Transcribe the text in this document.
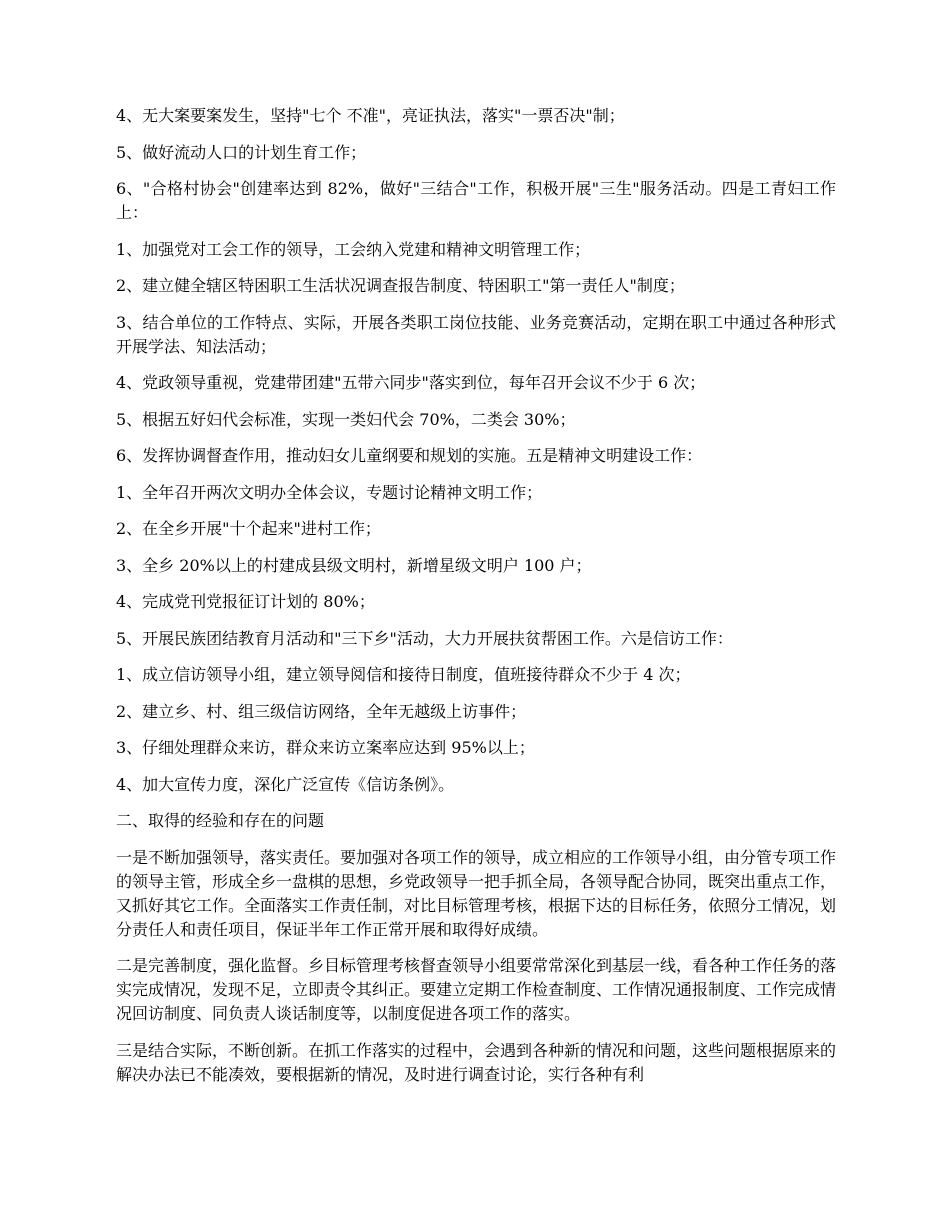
4、无大案要案发生，坚持"七个 不准"，亮证执法，落实"一票否决"制；

5、做好流动人口的计划生育工作；

6、"合格村协会"创建率达到 82%，做好"三结合"工作，积极开展"三生"服务活动。四是工青妇工作上：

1、加强党对工会工作的领导，工会纳入党建和精神文明管理工作；

2、建立健全辖区特困职工生活状况调查报告制度、特困职工"第一责任人"制度；

3、结合单位的工作特点、实际，开展各类职工岗位技能、业务竞赛活动，定期在职工中通过各种形式开展学法、知法活动；

4、党政领导重视，党建带团建"五带六同步"落实到位，每年召开会议不少于 6 次；

5、根据五好妇代会标准，实现一类妇代会 70%，二类会 30%；

6、发挥协调督查作用，推动妇女儿童纲要和规划的实施。五是精神文明建设工作：

1、全年召开两次文明办全体会议，专题讨论精神文明工作；

2、在全乡开展"十个起来"进村工作；

3、全乡 20%以上的村建成县级文明村，新增星级文明户 100 户；

4、完成党刊党报征订计划的 80%；

5、开展民族团结教育月活动和"三下乡"活动，大力开展扶贫帮困工作。六是信访工作：

1、成立信访领导小组，建立领导阅信和接待日制度，值班接待群众不少于 4 次；

2、建立乡、村、组三级信访网络，全年无越级上访事件；

3、仔细处理群众来访，群众来访立案率应达到 95%以上；

4、加大宣传力度，深化广泛宣传《信访条例》。

二、取得的经验和存在的问题

一是不断加强领导，落实责任。要加强对各项工作的领导，成立相应的工作领导小组，由分管专项工作的领导主管，形成全乡一盘棋的思想，乡党政领导一把手抓全局，各领导配合协同，既突出重点工作，又抓好其它工作。全面落实工作责任制，对比目标管理考核，根据下达的目标任务，依照分工情况，划分责任人和责任项目，保证半年工作正常开展和取得好成绩。

二是完善制度，强化监督。乡目标管理考核督查领导小组要常常深化到基层一线，看各种工作任务的落实完成情况，发现不足，立即责令其纠正。要建立定期工作检查制度、工作情况通报制度、工作完成情况回访制度、同负责人谈话制度等，以制度促进各项工作的落实。

三是结合实际，不断创新。在抓工作落实的过程中，会遇到各种新的情况和问题，这些问题根据原来的解决办法已不能凑效，要根据新的情况，及时进行调查讨论，实行各种有利
